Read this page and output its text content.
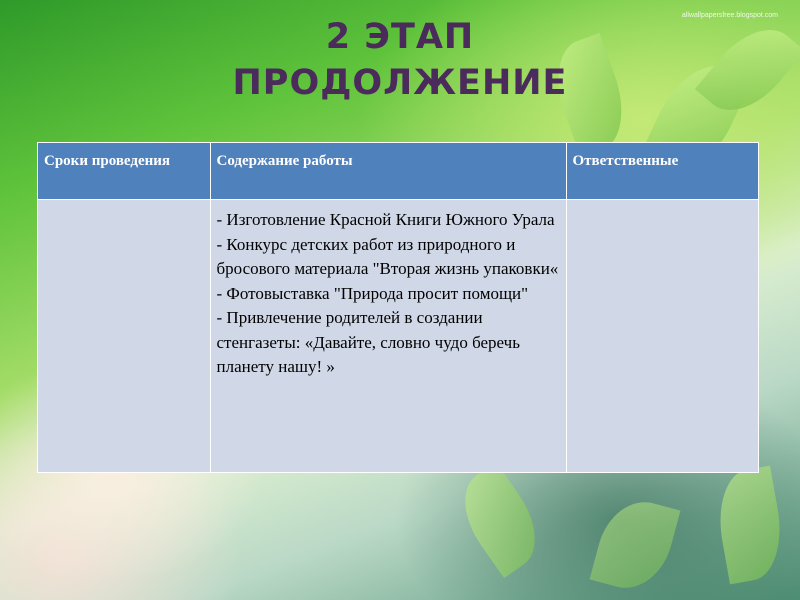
allwallpapersfree.blogspot.com
2 ЭТАП
ПРОДОЛЖЕНИЕ
Сроки проведения	Содержание работы	Ответственные

	- Изготовление Красной Книги Южного Урала
- Конкурс детских работ из природного и бросового материала "Вторая жизнь упаковки«
- Фотовыставка "Природа просит помощи"
- Привлечение родителей в создании стенгазеты: «Давайте, словно чудо беречь планету нашу! »	
